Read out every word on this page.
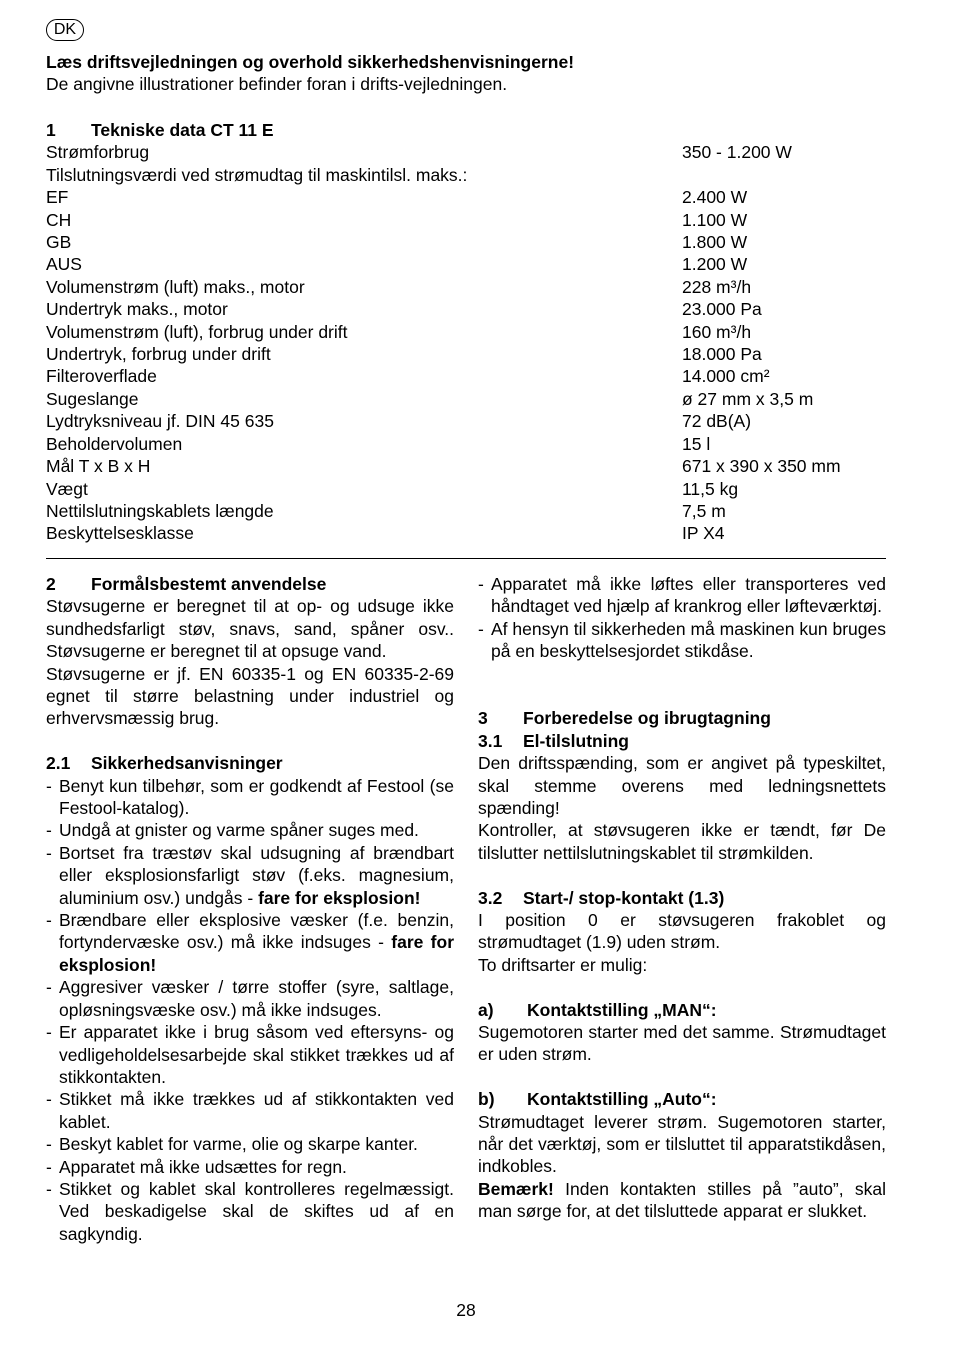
DK
Læs driftsvejledningen og overhold sikkerhedshenvisningerne!
De angivne illustrationer befinder foran i drifts-vejledningen.
1 Tekniske data CT 11 E
Strømforbrug	350 - 1.200 W
Tilslutningsværdi ved strømudtag til maskintilsl. maks.:
EF	2.400 W
CH	1.100 W
GB	1.800 W
AUS	1.200 W
Volumenstrøm (luft) maks., motor	228 m³/h
Undertryk maks., motor	23.000 Pa
Volumenstrøm (luft), forbrug under drift	160 m³/h
Undertryk, forbrug under drift	18.000 Pa
Filteroverflade	14.000 cm²
Sugeslange	ø 27 mm x 3,5 m
Lydtryksniveau jf. DIN 45 635	72 dB(A)
Beholdervolumen	15 l
Mål T x B x H	671 x 390 x 350 mm
Vægt	11,5 kg
Nettilslutningskablets længde	7,5 m
Beskyttelsesklasse	IP X4
2 Formålsbestemt anvendelse

Støvsugerne er beregnet til at op- og udsuge ikke sundhedsfarligt støv, snavs, sand, spåner osv.. Støvsugerne er beregnet til at opsuge vand.

Støvsugerne er jf. EN 60335-1 og EN 60335-2-69 egnet til større belastning under industriel og erhvervsmæssig brug.

2.1 Sikkerhedsanvisninger
- Benyt kun tilbehør, som er godkendt af Festool (se Festool-katalog).
- Undgå at gnister og varme spåner suges med.
- Bortset fra træstøv skal udsugning af brændbart eller eksplosionsfarligt støv (f.eks. magnesium, aluminium osv.) undgås - fare for eksplosion!
- Brændbare eller eksplosive væsker (f.e. benzin, fortyndervæske osv.) må ikke indsuges - fare for eksplosion!
- Aggresiver væsker / tørre stoffer (syre, saltlage, opløsningsvæske osv.) må ikke indsuges.
- Er apparatet ikke i brug såsom ved eftersyns- og vedligeholdelsesarbejde skal stikket trækkes ud af stikkontakten.
- Stikket må ikke trækkes ud af stikkontakten ved kablet.
- Beskyt kablet for varme, olie og skarpe kanter.
- Apparatet må ikke udsættes for regn.
- Stikket og kablet skal kontrolleres regelmæssigt. Ved beskadigelse skal de skiftes ud af en sagkyndig.
- Apparatet må ikke løftes eller transporteres ved håndtaget ved hjælp af krankrog eller løfteværktøj.
- Af hensyn til sikkerheden må maskinen kun bruges på en beskyttelsesjordet stikdåse.
3 Forberedelse og ibrugtagning
3.1 El-tilslutning

Den driftsspænding, som er angivet på typeskiltet, skal stemme overens med ledningsnettets spænding!

Kontroller, at støvsugeren ikke er tændt, før De tilslutter nettilslutningskablet til strømkilden.

3.2 Start-/ stop-kontakt (1.3)

I position 0 er støvsugeren frakoblet og strømudtaget (1.9) uden strøm.

To driftsarter er mulig:

a) Kontaktstilling „MAN“:

Sugemotoren starter med det samme. Strømudtaget er uden strøm.

b) Kontaktstilling „Auto“:

Strømudtaget leverer strøm. Sugemotoren starter, når det værktøj, som er tilsluttet til apparatstikdåsen, indkobles.

Bemærk! Inden kontakten stilles på ”auto”, skal man sørge for, at det tilsluttede apparat er slukket.

28
